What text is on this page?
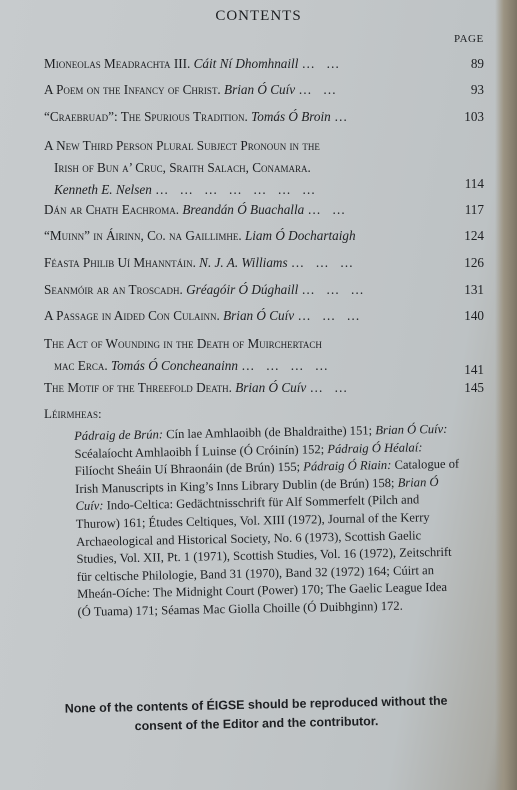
CONTENTS
PAGE
Mioneolas Meadrachta III. Cáit Ní Dhomhnaill … …	89
A Poem on the Infancy of Christ. Brian Ó Cuív … …	93
“Craebruad”: The Spurious Tradition. Tomás Ó Broin …	103
A New Third Person Plural Subject Pronoun in the
Irish of Bun a’ Cruc, Sraith Salach, Conamara.
Kenneth E. Nelsen … … … … … … …	114
Dán ar Chath Eachroma. Breandán Ó Buachalla … …	117
“Muinn” in Áirinn, Co. na Gaillimhe. Liam Ó Dochartaigh	124
Féasta Philib Uí Mhanntáin. N. J. A. Williams … … …	126
Seanmóir ar an Troscadh. Gréagóir Ó Dúghaill … … …	131
A Passage in Aided Con Culainn. Brian Ó Cuív … … …	140
The Act of Wounding in the Death of Muirchertach
mac Erca. Tomás Ó Concheanainn … … … …	141
The Motif of the Threefold Death. Brian Ó Cuív … …	145
Léirmheas:

Pádraig de Brún: Cín lae Amhlaoibh (de Bhaldraithe) 151; Brian Ó Cuív: Scéalaíocht Amhlaoibh Í Luinse (Ó Cróinín) 152; Pádraig Ó Héalaí: Filíocht Sheáin Uí Bhraonáin (de Brún) 155; Pádraig Ó Riain: Catalogue of Irish Manuscripts in King’s Inns Library Dublin (de Brún) 158; Brian Ó Cuív: Indo-Celtica: Gedächtnisschrift für Alf Sommerfelt (Pilch and Thurow) 161; Études Celtiques, Vol. XIII (1972), Journal of the Kerry Archaeological and Historical Society, No. 6 (1973), Scottish Gaelic Studies, Vol. XII, Pt. 1 (1971), Scottish Studies, Vol. 16 (1972), Zeitschrift für celtische Philologie, Band 31 (1970), Band 32 (1972) 164; Cúirt an Mheán-Oíche: The Midnight Court (Power) 170; The Gaelic League Idea (Ó Tuama) 171; Séamas Mac Giolla Choille (Ó Duibhginn) 172.

None of the contents of ÉIGSE should be reproduced without the consent of the Editor and the contributor.
